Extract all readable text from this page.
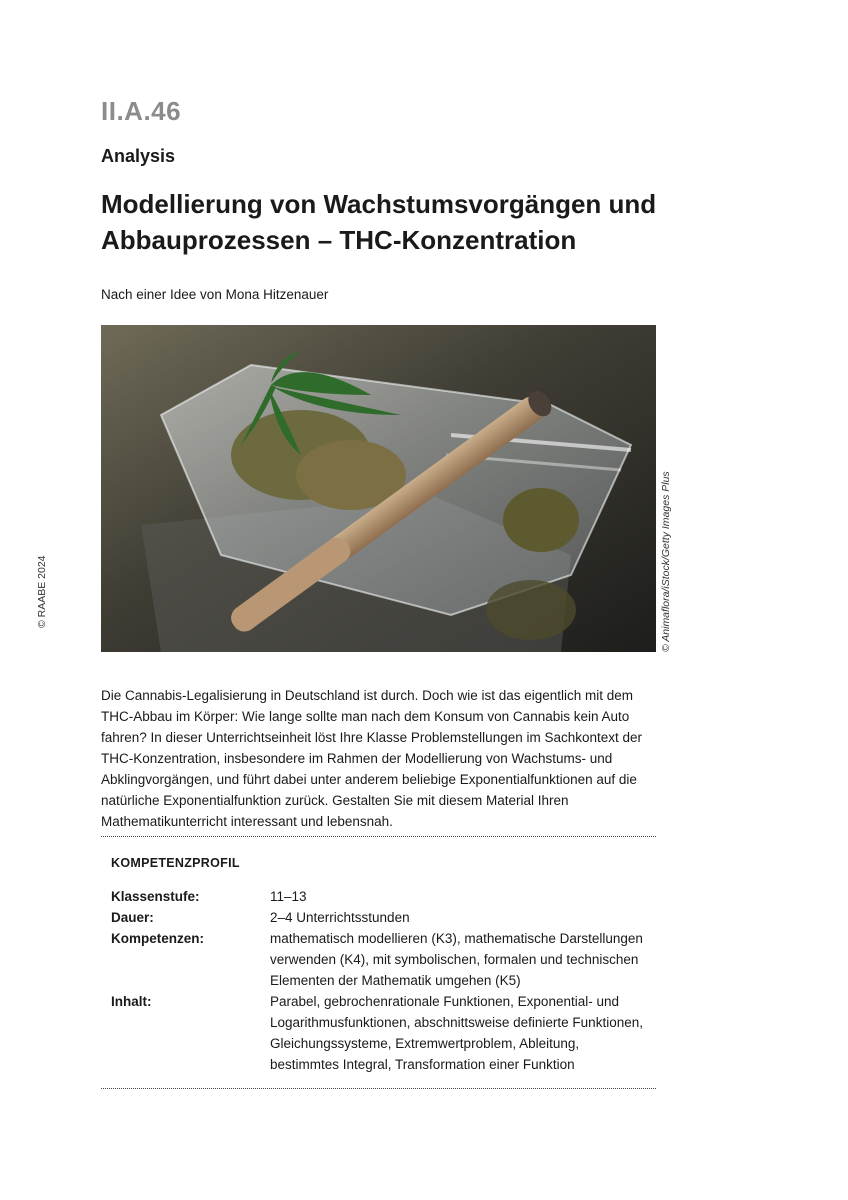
II.A.46
Analysis
Modellierung von Wachstumsvorgängen und
Abbauprozessen – THC-Konzentration
Nach einer Idee von Mona Hitzenauer
© Animaflora/iStock/Getty Images Plus
© RAABE 2024

Die Cannabis-Legalisierung in Deutschland ist durch. Doch wie ist das eigentlich mit dem THC-Abbau im Körper: Wie lange sollte man nach dem Konsum von Cannabis kein Auto fahren? In dieser Unterrichtseinheit löst Ihre Klasse Problemstellungen im Sachkontext der THC-Konzentration, insbesondere im Rahmen der Modellierung von Wachstums- und Abklingvorgängen, und führt dabei unter anderem beliebige Exponentialfunktionen auf die natürliche Exponentialfunktion zurück. Gestalten Sie mit diesem Material Ihren Mathematikunterricht interessant und lebensnah.

KOMPETENZPROFIL
Klassenstufe:	11–13
Dauer:	2–4 Unterrichtsstunden
Kompetenzen:	mathematisch modellieren (K3), mathematische Darstellungen verwenden (K4), mit symbolischen, formalen und technischen Elementen der Mathematik umgehen (K5)
Inhalt:	Parabel, gebrochenrationale Funktionen, Exponential- und Logarithmusfunktionen, abschnittsweise definierte Funktionen, Gleichungssysteme, Extremwertproblem, Ableitung, bestimmtes Integral, Transformation einer Funktion
